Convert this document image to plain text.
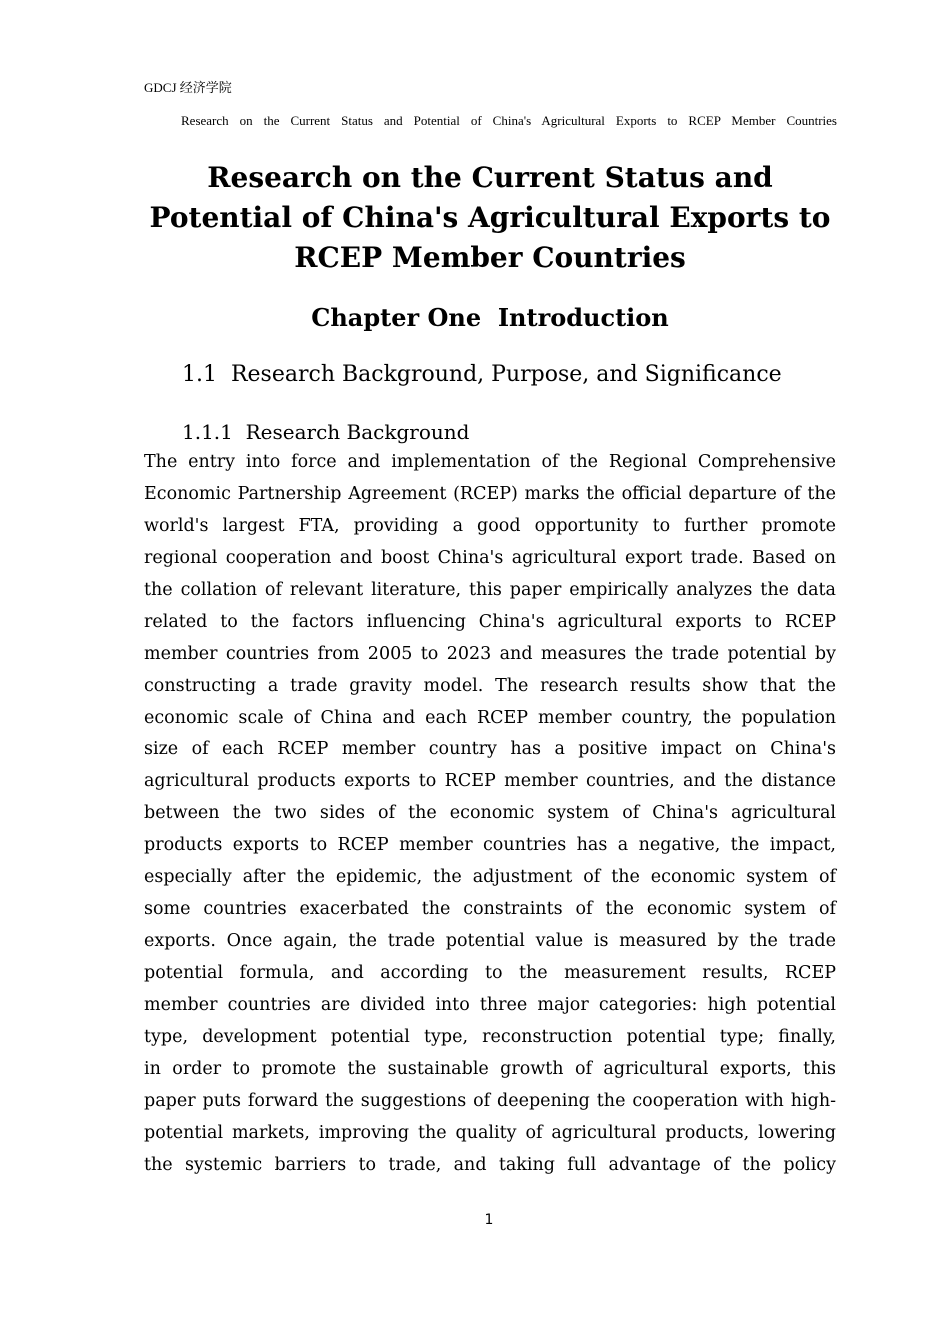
GDCJ 经济学院
Research on the Current Status and Potential of China's Agricultural Exports to RCEP Member Countries
Research on the Current Status and Potential of China's Agricultural Exports to RCEP Member Countries
Chapter One  Introduction
1.1  Research Background, Purpose, and Significance
1.1.1  Research Background
The entry into force and implementation of the Regional Comprehensive
Economic Partnership Agreement (RCEP) marks the official departure of the
world's largest FTA, providing a good opportunity to further promote
regional cooperation and boost China's agricultural export trade. Based on
the collation of relevant literature, this paper empirically analyzes the data
related to the factors influencing China's agricultural exports to RCEP
member countries from 2005 to 2023 and measures the trade potential by
constructing a trade gravity model. The research results show that the
economic scale of China and each RCEP member country, the population
size of each RCEP member country has a positive impact on China's
agricultural products exports to RCEP member countries, and the distance
between the two sides of the economic system of China's agricultural
products exports to RCEP member countries has a negative, the impact,
especially after the epidemic, the adjustment of the economic system of
some countries exacerbated the constraints of the economic system of
exports. Once again, the trade potential value is measured by the trade
potential formula, and according to the measurement results, RCEP
member countries are divided into three major categories: high potential
type, development potential type, reconstruction potential type; finally,
in order to promote the sustainable growth of agricultural exports, this
paper puts forward the suggestions of deepening the cooperation with high-
potential markets, improving the quality of agricultural products, lowering
the systemic barriers to trade, and taking full advantage of the policy
1
